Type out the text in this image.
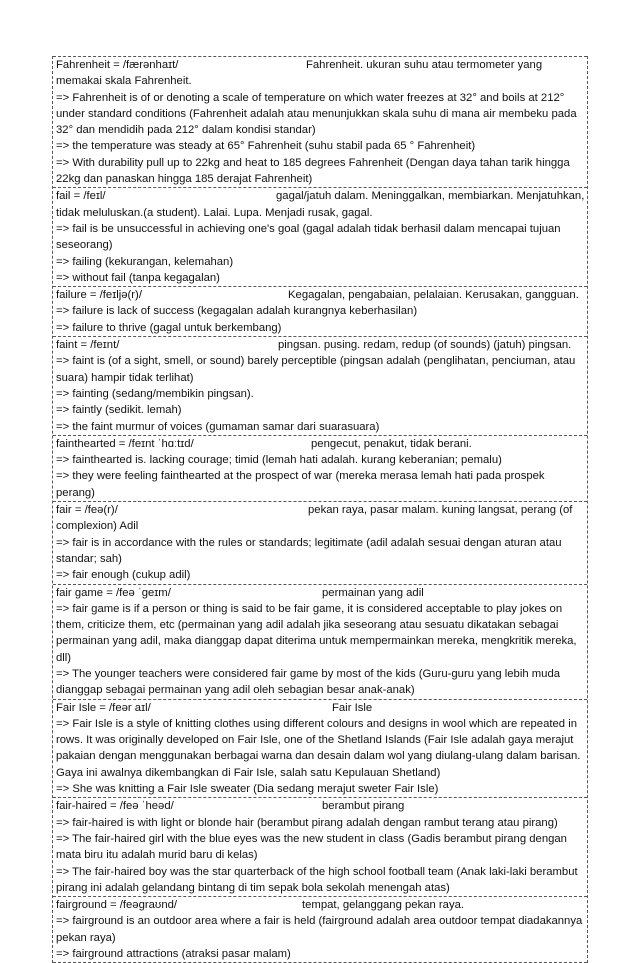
Fahrenheit = /færənhaɪt/	Fahrenheit. ukuran suhu atau termometer yang memakai skala Fahrenheit.
=> Fahrenheit is of or denoting a scale of temperature on which water freezes at 32° and boils at 212° under standard conditions (Fahrenheit adalah atau menunjukkan skala suhu di mana air membeku pada 32° dan mendidih pada 212° dalam kondisi standar)
=> the temperature was steady at 65° Fahrenheit (suhu stabil pada 65 ° Fahrenheit)
=> With durability pull up to 22kg and heat to 185 degrees Fahrenheit (Dengan daya tahan tarik hingga 22kg dan panaskan hingga 185 derajat Fahrenheit)
fail = /feɪl/	gagal/jatuh dalam. Meninggalkan, membiarkan. Menjatuhkan, tidak meluluskan.(a student). Lalai. Lupa. Menjadi rusak, gagal.
=> fail is be unsuccessful in achieving one's goal (gagal adalah tidak berhasil dalam mencapai tujuan seseorang)
=> failing (kekurangan, kelemahan)
=> without fail (tanpa kegagalan)
failure = /feɪljə(r)/	Kegagalan, pengabaian, pelalaian. Kerusakan, gangguan.
=> failure is lack of success (kegagalan adalah kurangnya keberhasilan)
=> failure to thrive (gagal untuk berkembang)
faint = /feɪnt/	pingsan. pusing. redam, redup (of sounds) (jatuh) pingsan.
=> faint is (of a sight, smell, or sound) barely perceptible (pingsan adalah (penglihatan, penciuman, atau suara) hampir tidak terlihat)
=> fainting (sedang/membikin pingsan).
=> faintly (sedikit. lemah)
=> the faint murmur of voices (gumaman samar dari suarasuara)
fainthearted = /feɪnt ˈhɑːtɪd/	pengecut, penakut, tidak berani.
=> fainthearted is. lacking courage; timid (lemah hati adalah. kurang keberanian; pemalu)
=> they were feeling fainthearted at the prospect of war (mereka merasa lemah hati pada prospek perang)
fair = /feə(r)/	pekan raya, pasar malam. kuning langsat, perang (of complexion) Adil
=> fair is in accordance with the rules or standards; legitimate (adil adalah sesuai dengan aturan atau standar; sah)
=> fair enough (cukup adil)
fair game = /feə ˈɡeɪm/	permainan yang adil
=> fair game is if a person or thing is said to be fair game, it is considered acceptable to play jokes on them, criticize them, etc (permainan yang adil adalah jika seseorang atau sesuatu dikatakan sebagai permainan yang adil, maka dianggap dapat diterima untuk mempermainkan mereka, mengkritik mereka, dll)
=> The younger teachers were considered fair game by most of the kids (Guru-guru yang lebih muda dianggap sebagai permainan yang adil oleh sebagian besar anak-anak)
Fair Isle = /feər aɪl/	Fair Isle
=> Fair Isle is a style of knitting clothes using different colours and designs in wool which are repeated in rows. It was originally developed on Fair Isle, one of the Shetland Islands (Fair Isle adalah gaya merajut pakaian dengan menggunakan berbagai warna dan desain dalam wol yang diulang-ulang dalam barisan. Gaya ini awalnya dikembangkan di Fair Isle, salah satu Kepulauan Shetland)
=> She was knitting a Fair Isle sweater (Dia sedang merajut sweter Fair Isle)
fair-haired = /feə ˈheəd/	berambut pirang
=> fair-haired is with light or blonde hair (berambut pirang adalah dengan rambut terang atau pirang)
=> The fair-haired girl with the blue eyes was the new student in class (Gadis berambut pirang dengan mata biru itu adalah murid baru di kelas)
=> The fair-haired boy was the star quarterback of the high school football team (Anak laki-laki berambut pirang ini adalah gelandang bintang di tim sepak bola sekolah menengah atas)
fairground = /feəɡraʊnd/	tempat, gelanggang pekan raya.
=> fairground is an outdoor area where a fair is held (fairground adalah area outdoor tempat diadakannya pekan raya)
=> fairground attractions (atraksi pasar malam)
